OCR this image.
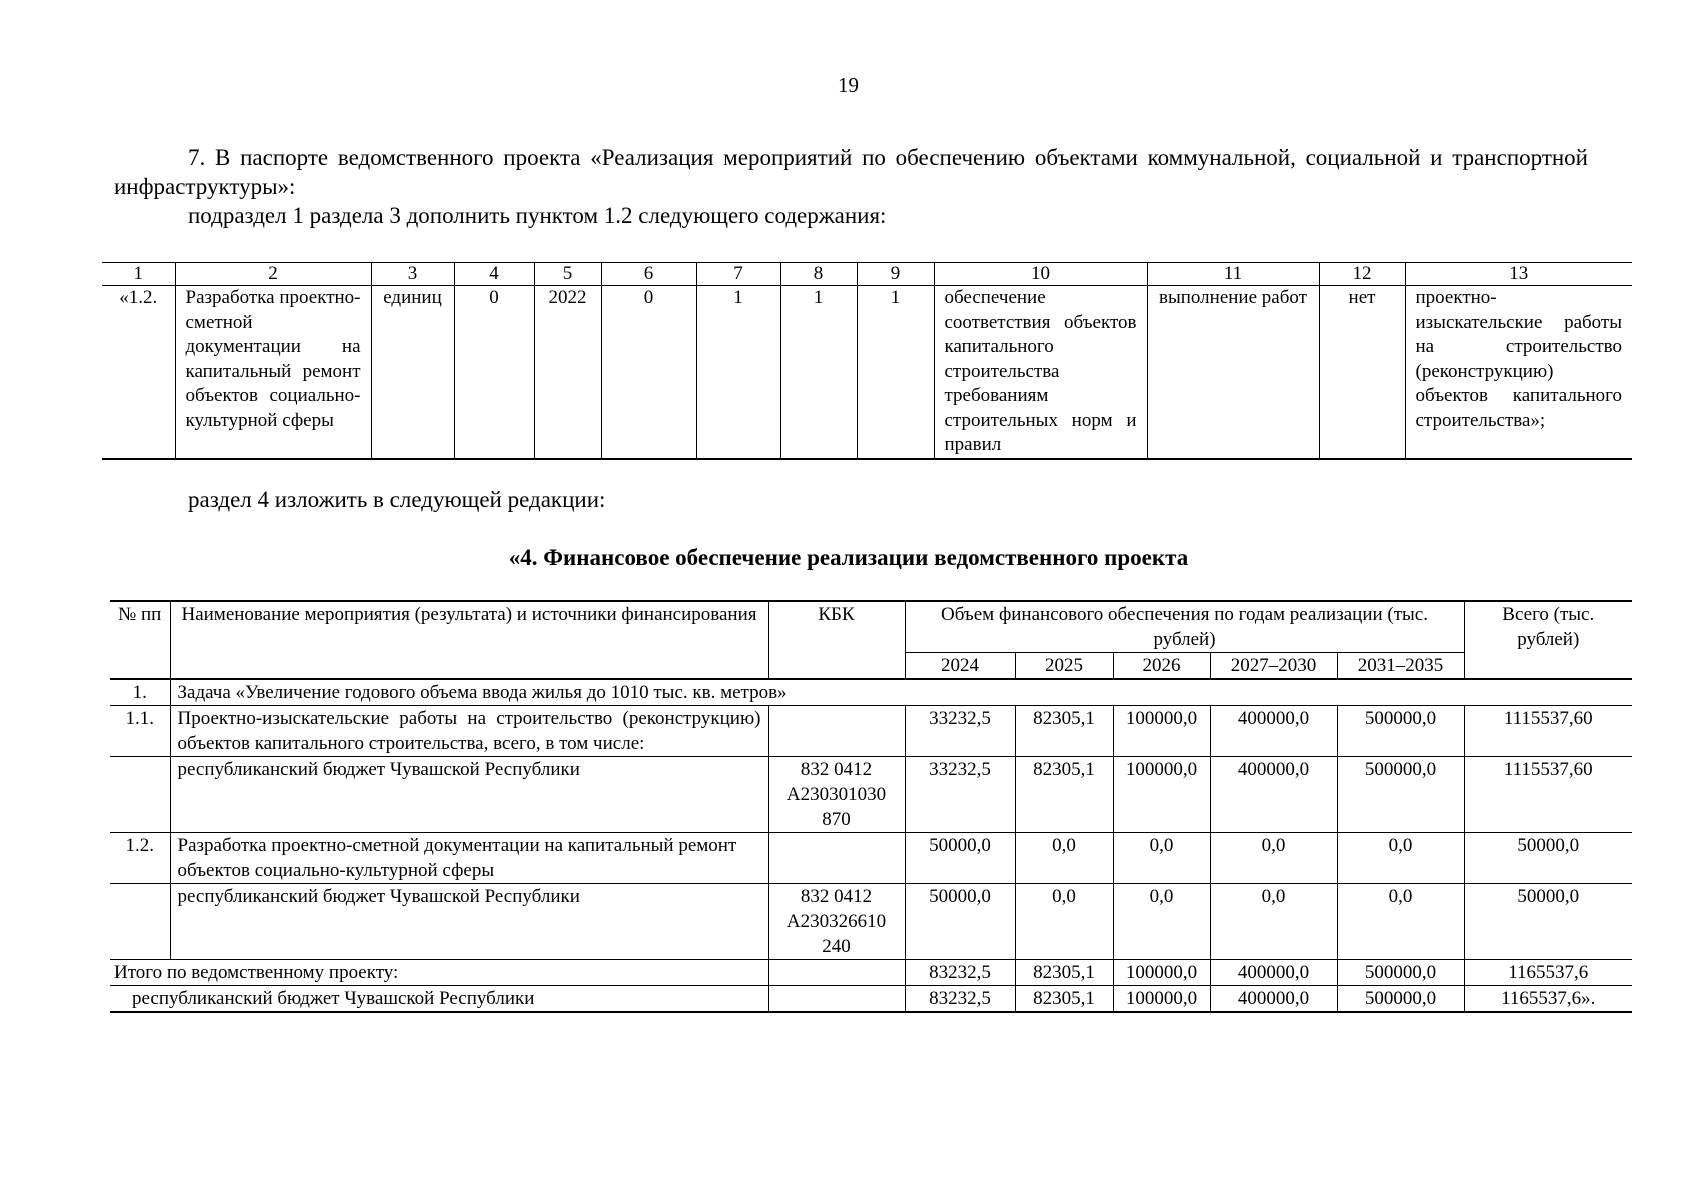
19

7. В паспорте ведомственного проекта «Реализация мероприятий по обеспечению объектами коммунальной, социальной и транспортной инфраструктуры»:

подраздел 1 раздела 3 дополнить пунктом 1.2 следующего содержания:

1	2	3	4	5	6	7	8	9	10	11	12	13
«1.2.	Разработка проектно-сметной документации на капитальный ремонт объектов социально-культурной сферы	единиц	0	2022	0	1	1	1	обеспечение соответствия объектов капитального строительства требованиям строительных норм и правил	выполнение работ	нет	проектно-изыскательские работы на строительство (реконструкцию) объектов капитального строительства»;
раздел 4 изложить в следующей редакции:
«4. Финансовое обеспечение реализации ведомственного проекта
№ пп	Наименование мероприятия (результата) и источники финансирования	КБК	Объем финансового обеспечения по годам реализации (тыс. рублей)					Всего (тыс. рублей)
			2024	2025	2026	2027–2030	2031–2035	
1.	Задача «Увеличение годового объема ввода жилья до 1010 тыс. кв. метров»							
1.1.	Проектно-изыскательские работы на строительство (реконструкцию) объектов капитального строительства, всего, в том числе:		33232,5	82305,1	100000,0	400000,0	500000,0	1115537,60
	республиканский бюджет Чувашской Республики	832 0412 А230301030 870	33232,5	82305,1	100000,0	400000,0	500000,0	1115537,60
1.2.	Разработка проектно-сметной документации на капитальный ремонт объектов социально-культурной сферы		50000,0	0,0	0,0	0,0	0,0	50000,0
	республиканский бюджет Чувашской Республики	832 0412 А230326610 240	50000,0	0,0	0,0	0,0	0,0	50000,0
Итого по ведомственному проекту:			83232,5	82305,1	100000,0	400000,0	500000,0	1165537,6
республиканский бюджет Чувашской Республики			83232,5	82305,1	100000,0	400000,0	500000,0	1165537,6».
